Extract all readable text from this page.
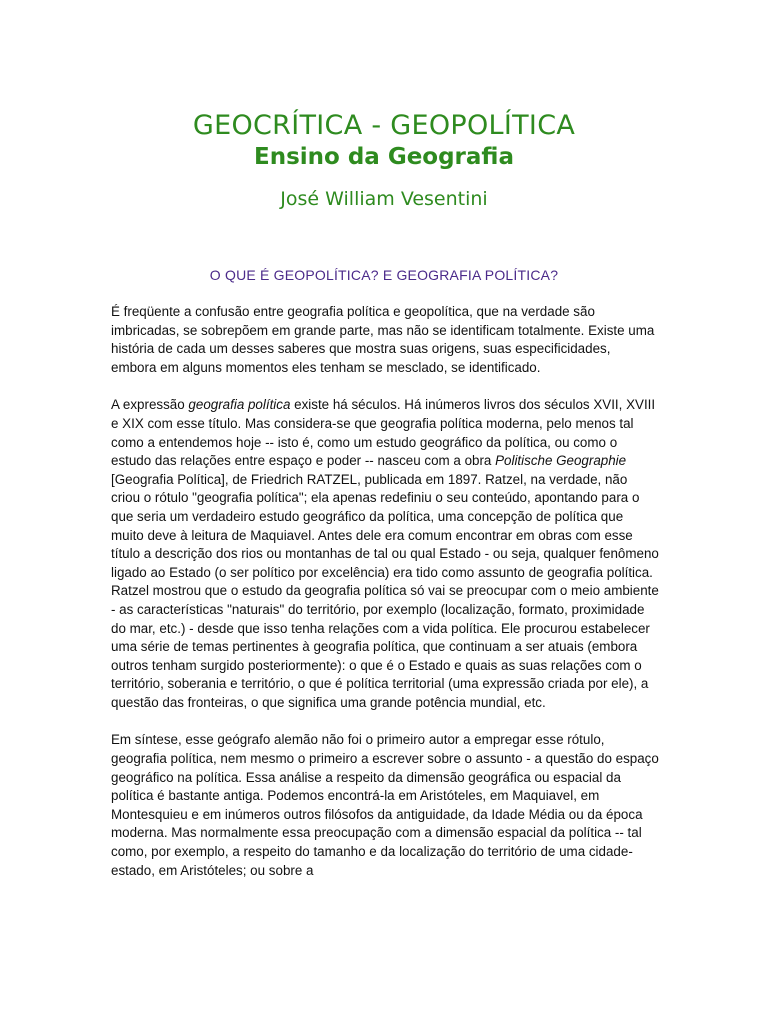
GEOCRÍTICA - GEOPOLÍTICA
Ensino da Geografia
José William Vesentini
O QUE É GEOPOLÍTICA? E GEOGRAFIA POLÍTICA?

É freqüente a confusão entre geografia política e geopolítica, que na verdade são imbricadas, se sobrepõem em grande parte, mas não se identificam totalmente. Existe uma história de cada um desses saberes que mostra suas origens, suas especificidades, embora em alguns momentos eles tenham se mesclado, se identificado.

A expressão geografia política existe há séculos. Há inúmeros livros dos séculos XVII, XVIII e XIX com esse título. Mas considera-se que geografia política moderna, pelo menos tal como a entendemos hoje -- isto é, como um estudo geográfico da política, ou como o estudo das relações entre espaço e poder -- nasceu com a obra Politische Geographie [Geografia Política], de Friedrich RATZEL, publicada em 1897. Ratzel, na verdade, não criou o rótulo "geografia política"; ela apenas redefiniu o seu conteúdo, apontando para o que seria um verdadeiro estudo geográfico da política, uma concepção de política que muito deve à leitura de Maquiavel. Antes dele era comum encontrar em obras com esse título a descrição dos rios ou montanhas de tal ou qual Estado - ou seja, qualquer fenômeno ligado ao Estado (o ser político por excelência) era tido como assunto de geografia política. Ratzel mostrou que o estudo da geografia política só vai se preocupar com o meio ambiente - as características "naturais" do território, por exemplo (localização, formato, proximidade do mar, etc.) - desde que isso tenha relações com a vida política. Ele procurou estabelecer uma série de temas pertinentes à geografia política, que continuam a ser atuais (embora outros tenham surgido posteriormente): o que é o Estado e quais as suas relações com o território, soberania e território, o que é política territorial (uma expressão criada por ele), a questão das fronteiras, o que significa uma grande potência mundial, etc.

Em síntese, esse geógrafo alemão não foi o primeiro autor a empregar esse rótulo, geografia política, nem mesmo o primeiro a escrever sobre o assunto - a questão do espaço geográfico na política. Essa análise a respeito da dimensão geográfica ou espacial da política é bastante antiga. Podemos encontrá-la em Aristóteles, em Maquiavel, em Montesquieu e em inúmeros outros filósofos da antiguidade, da Idade Média ou da época moderna. Mas normalmente essa preocupação com a dimensão espacial da política -- tal como, por exemplo, a respeito do tamanho e da localização do território de uma cidade-estado, em Aristóteles; ou sobre a
